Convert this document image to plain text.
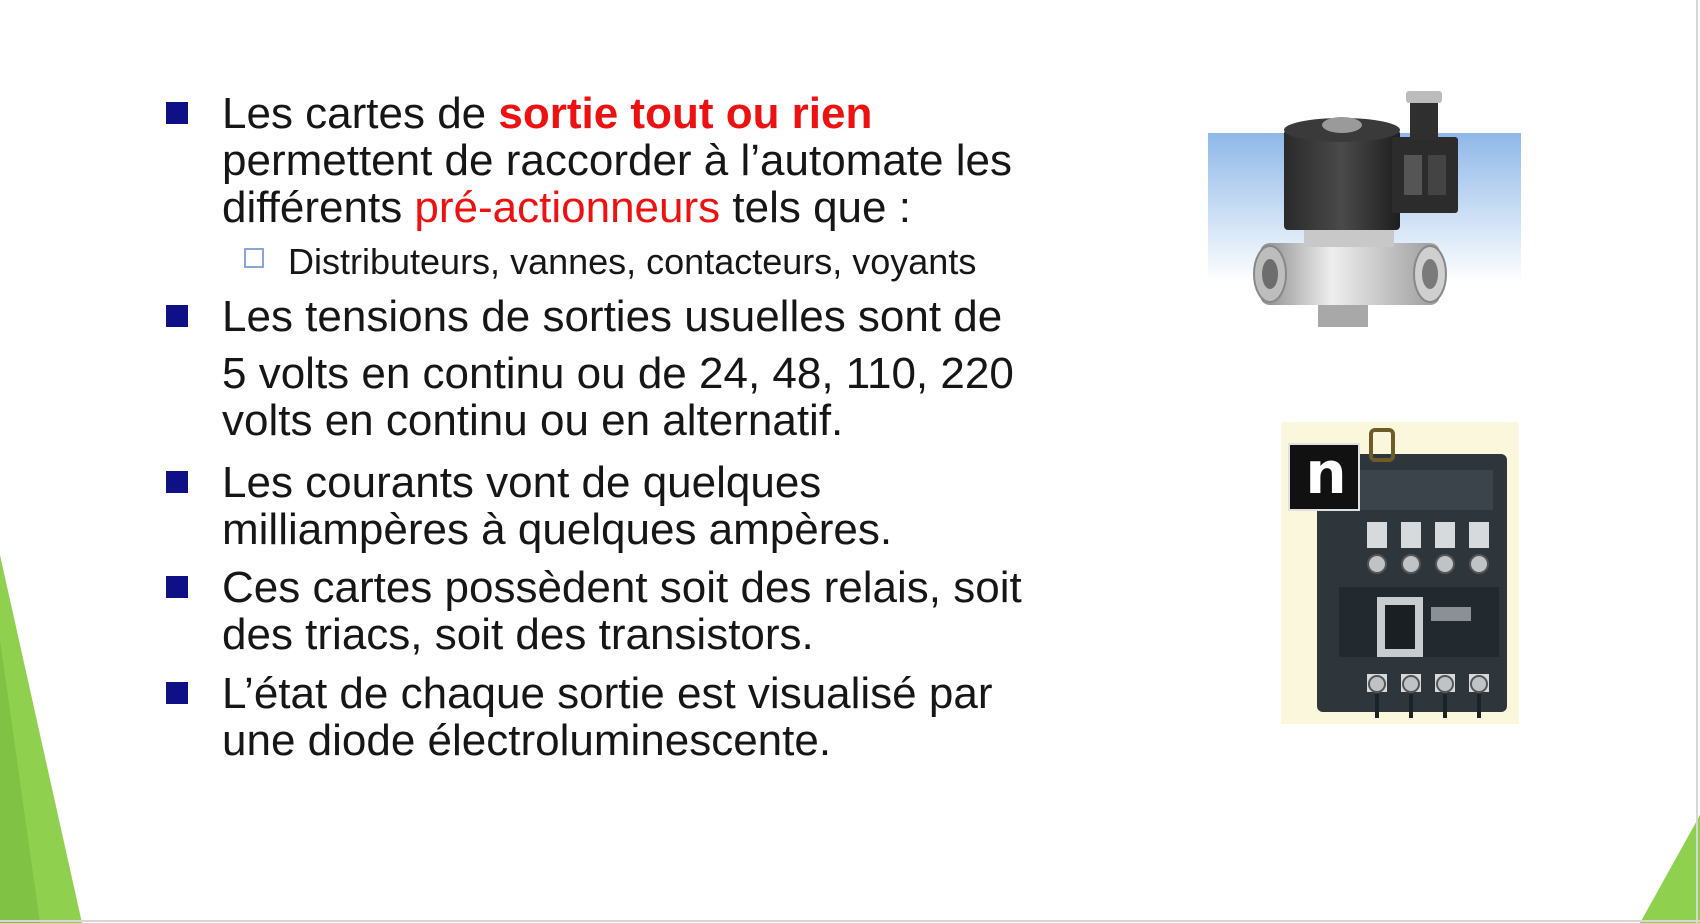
Les cartes de sortie tout ou rien
permettent de raccorder à l’automate les
différents pré-actionneurs tels que :
Distributeurs, vannes, contacteurs, voyants
Les tensions de sorties usuelles sont de
5 volts en continu ou de 24, 48, 110, 220
volts en continu ou en alternatif.
Les courants vont de quelques
milliampères à quelques ampères.
Ces cartes possèdent soit des relais, soit
des triacs, soit des transistors.
L’état de chaque sortie est visualisé par
une diode électroluminescente.
n
